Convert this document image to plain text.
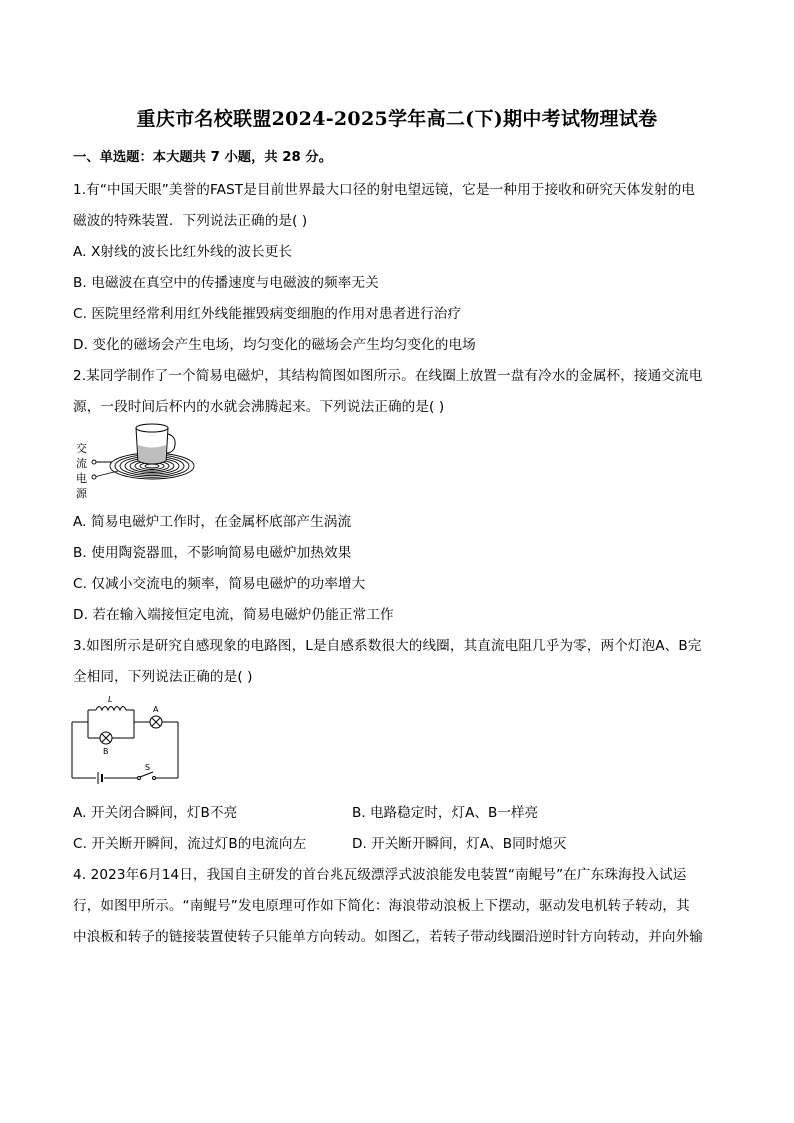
重庆市名校联盟2024-2025学年高二(下)期中考试物理试卷
一、单选题：本大题共 7 小题，共 28 分。
1.有“中国天眼”美誉的FAST是目前世界最大口径的射电望远镜，它是一种用于接收和研究天体发射的电
磁波的特殊装置．下列说法正确的是( )
A. X射线的波长比红外线的波长更长
B. 电磁波在真空中的传播速度与电磁波的频率无关
C. 医院里经常利用红外线能摧毁病变细胞的作用对患者进行治疗
D. 变化的磁场会产生电场，均匀变化的磁场会产生均匀变化的电场
2.某同学制作了一个简易电磁炉，其结构简图如图所示。在线圈上放置一盘有冷水的金属杯，接通交流电
源，一段时间后杯内的水就会沸腾起来。下列说法正确的是( )
交
流
电
源
A. 简易电磁炉工作时，在金属杯底部产生涡流
B. 使用陶瓷器皿，不影响简易电磁炉加热效果
C. 仅减小交流电的频率，简易电磁炉的功率增大
D. 若在输入端接恒定电流，简易电磁炉仍能正常工作
3.如图所示是研究自感现象的电路图，L是自感系数很大的线圈，其直流电阻几乎为零，两个灯泡A、B完
全相同，下列说法正确的是( )
L
A
B
S
A. 开关闭合瞬间，灯B不亮	B. 电路稳定时，灯A、B一样亮
C. 开关断开瞬间，流过灯B的电流向左	D. 开关断开瞬间，灯A、B同时熄灭
4. 2023年6月14日，我国自主研发的首台兆瓦级漂浮式波浪能发电装置“南鲲号”在广东珠海投入试运
行，如图甲所示。“南鲲号”发电原理可作如下简化：海浪带动浪板上下摆动，驱动发电机转子转动，其
中浪板和转子的链接装置使转子只能单方向转动。如图乙，若转子带动线圈沿逆时针方向转动，并向外输
